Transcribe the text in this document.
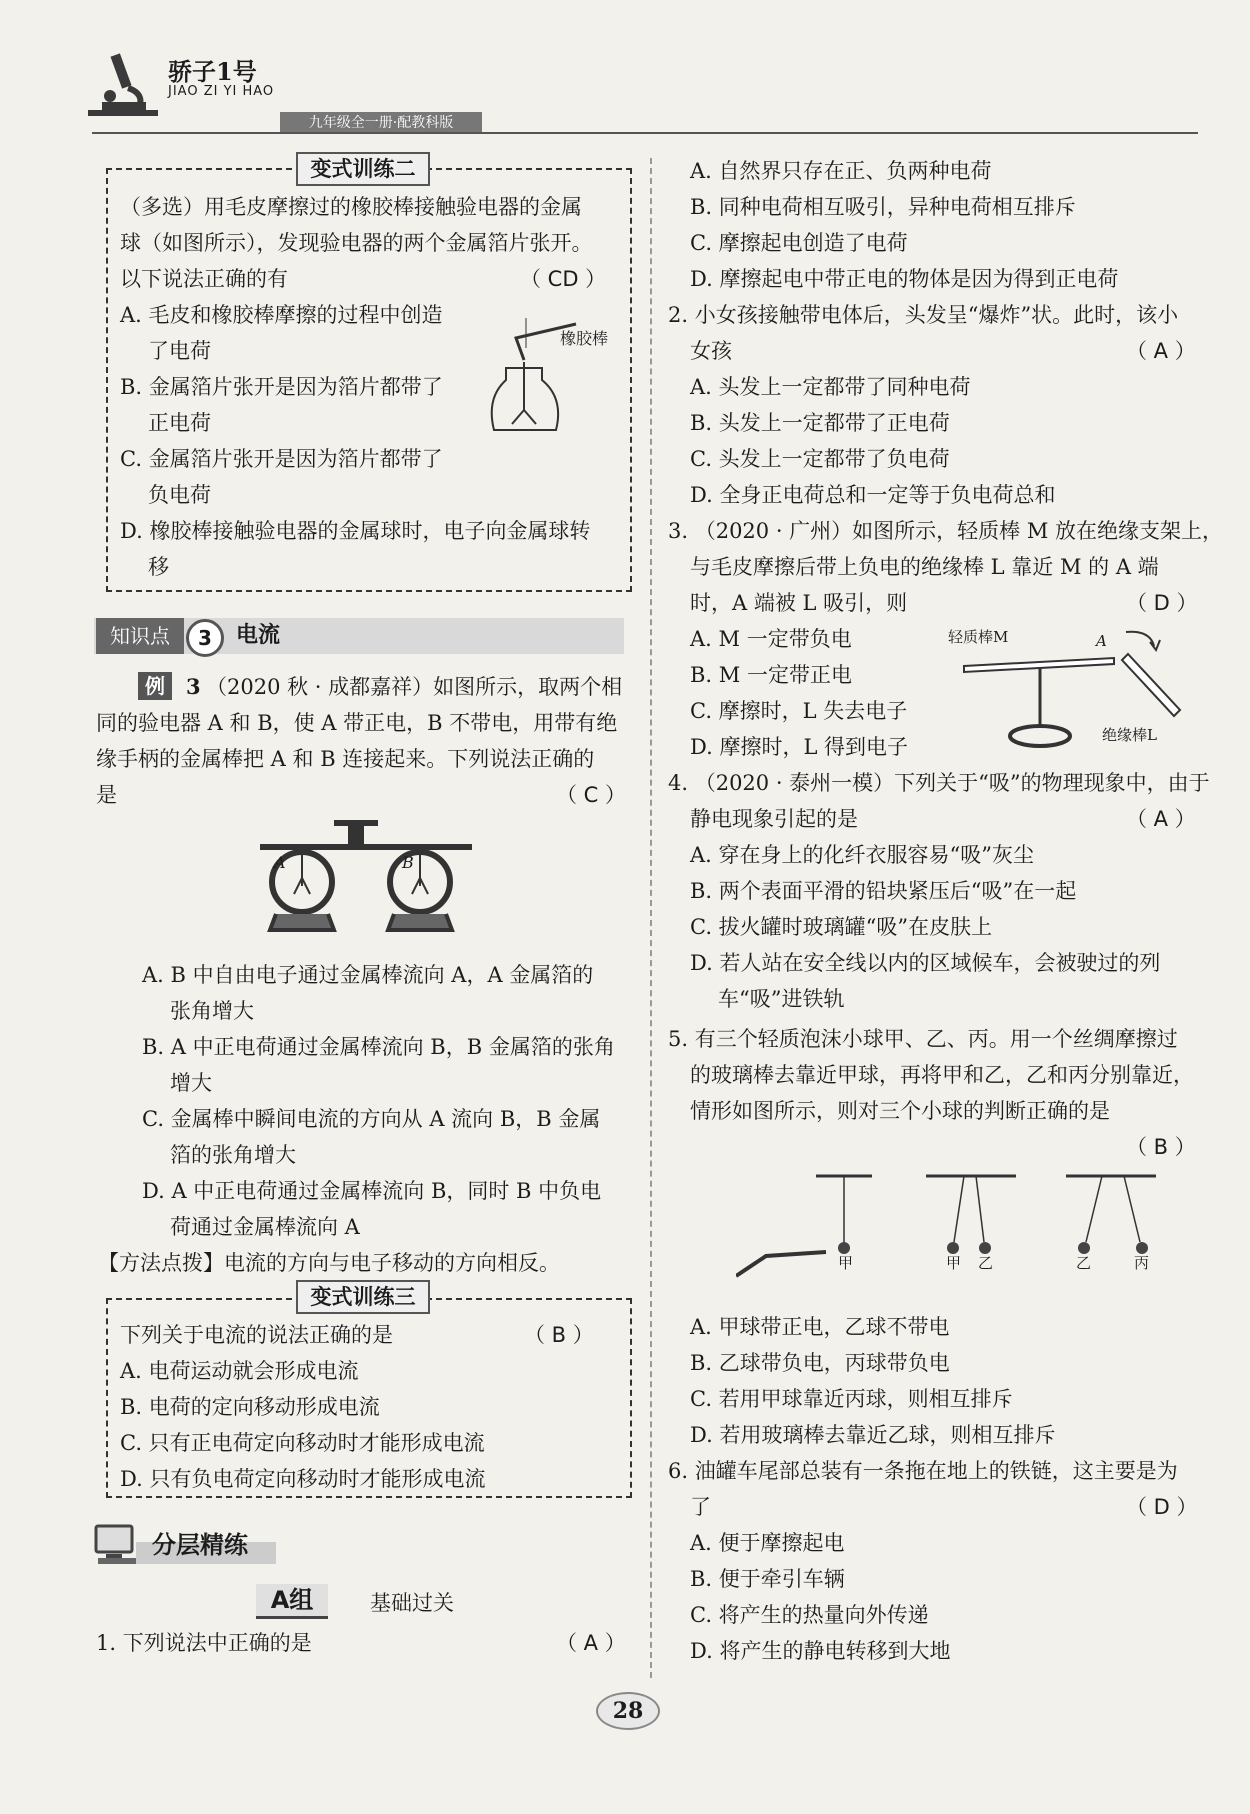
骄子1号
JIAO ZI YI HAO
九年级全一册·配教科版
变式训练二
（多选）用毛皮摩擦过的橡胶棒接触验电器的金属
球（如图所示），发现验电器的两个金属箔片张开。
以下说法正确的有	（ CD ）
A. 毛皮和橡胶棒摩擦的过程中创造
了电荷
B. 金属箔片张开是因为箔片都带了
正电荷
C. 金属箔片张开是因为箔片都带了
负电荷
D. 橡胶棒接触验电器的金属球时，电子向金属球转
移
橡胶棒
知识点	3	电流
例	3 （2020 秋 · 成都嘉祥）如图所示，取两个相
同的验电器 A 和 B，使 A 带正电，B 不带电，用带有绝
缘手柄的金属棒把 A 和 B 连接起来。下列说法正确的
是	（ C ）
A	B
A. B 中自由电子通过金属棒流向 A，A 金属箔的
张角增大
B. A 中正电荷通过金属棒流向 B，B 金属箔的张角
增大
C. 金属棒中瞬间电流的方向从 A 流向 B，B 金属
箔的张角增大
D. A 中正电荷通过金属棒流向 B，同时 B 中负电
荷通过金属棒流向 A
【方法点拨】电流的方向与电子移动的方向相反。
变式训练三
下列关于电流的说法正确的是	（ B ）
A. 电荷运动就会形成电流
B. 电荷的定向移动形成电流
C. 只有正电荷定向移动时才能形成电流
D. 只有负电荷定向移动时才能形成电流
分层精练
A组	基础过关
1. 下列说法中正确的是	（ A ）
A. 自然界只存在正、负两种电荷
B. 同种电荷相互吸引，异种电荷相互排斥
C. 摩擦起电创造了电荷
D. 摩擦起电中带正电的物体是因为得到正电荷
2. 小女孩接触带电体后，头发呈“爆炸”状。此时，该小
女孩	（ A ）
A. 头发上一定都带了同种电荷
B. 头发上一定都带了正电荷
C. 头发上一定都带了负电荷
D. 全身正电荷总和一定等于负电荷总和
3. （2020 · 广州）如图所示，轻质棒 M 放在绝缘支架上，
与毛皮摩擦后带上负电的绝缘棒 L 靠近 M 的 A 端
时，A 端被 L 吸引，则	（ D ）
A. M 一定带负电
B. M 一定带正电
C. 摩擦时，L 失去电子
D. 摩擦时，L 得到电子
轻质棒M	A
绝缘棒L
4. （2020 · 泰州一模）下列关于“吸”的物理现象中，由于
静电现象引起的是	（ A ）
A. 穿在身上的化纤衣服容易“吸”灰尘
B. 两个表面平滑的铅块紧压后“吸”在一起
C. 拔火罐时玻璃罐“吸”在皮肤上
D. 若人站在安全线以内的区域候车，会被驶过的列
车“吸”进铁轨
5. 有三个轻质泡沫小球甲、乙、丙。用一个丝绸摩擦过
的玻璃棒去靠近甲球，再将甲和乙，乙和丙分别靠近，
情形如图所示，则对三个小球的判断正确的是
（ B ）
甲	甲 乙	乙	丙
A. 甲球带正电，乙球不带电
B. 乙球带负电，丙球带负电
C. 若用甲球靠近丙球，则相互排斥
D. 若用玻璃棒去靠近乙球，则相互排斥
6. 油罐车尾部总装有一条拖在地上的铁链，这主要是为
了	（ D ）
A. 便于摩擦起电
B. 便于牵引车辆
C. 将产生的热量向外传递
D. 将产生的静电转移到大地
28
